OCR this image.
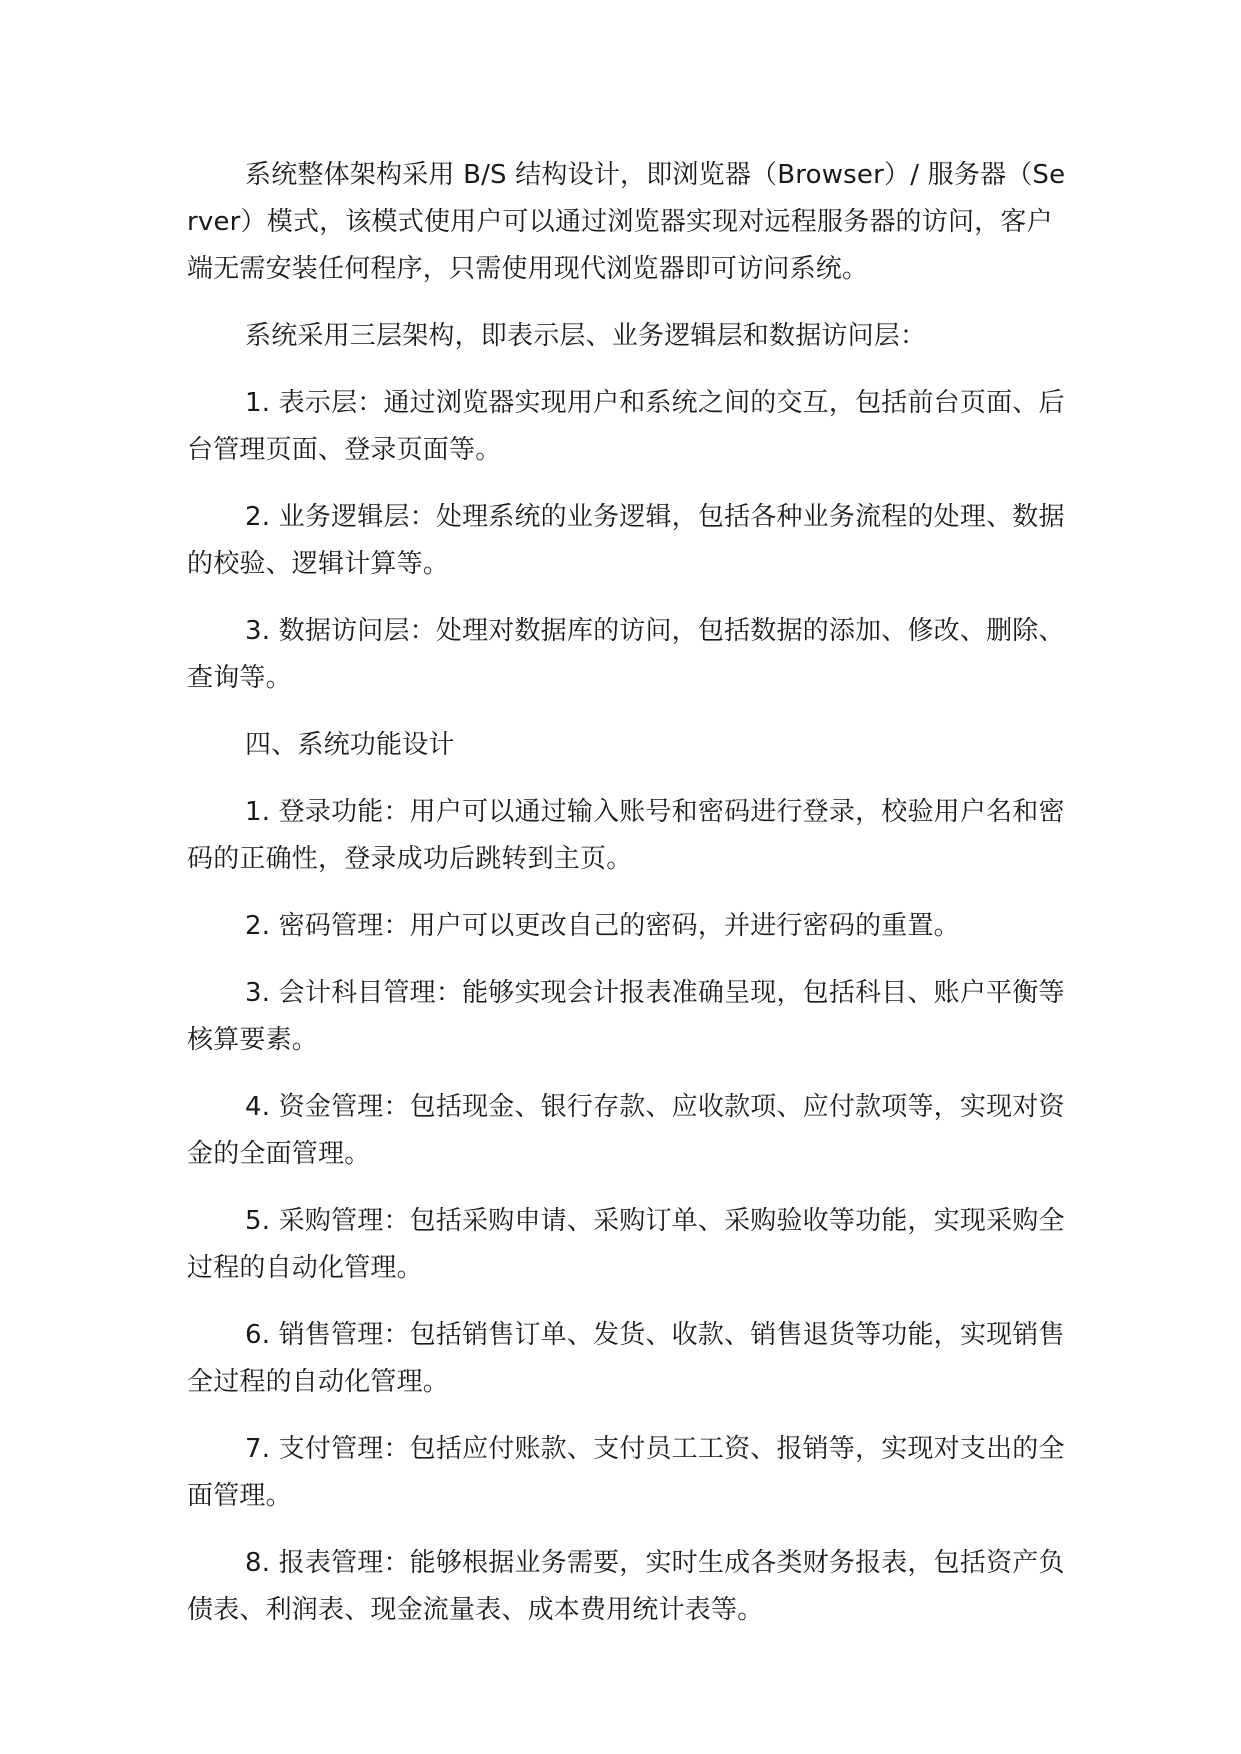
系统整体架构采用 B/S 结构设计，即浏览器（Browser）/ 服务器（Server）模式，该模式使用户可以通过浏览器实现对远程服务器的访问，客户端无需安装任何程序，只需使用现代浏览器即可访问系统。

系统采用三层架构，即表示层、业务逻辑层和数据访问层：

1. 表示层：通过浏览器实现用户和系统之间的交互，包括前台页面、后台管理页面、登录页面等。

2. 业务逻辑层：处理系统的业务逻辑，包括各种业务流程的处理、数据的校验、逻辑计算等。

3. 数据访问层：处理对数据库的访问，包括数据的添加、修改、删除、查询等。

四、系统功能设计

1. 登录功能：用户可以通过输入账号和密码进行登录，校验用户名和密码的正确性，登录成功后跳转到主页。

2. 密码管理：用户可以更改自己的密码，并进行密码的重置。

3. 会计科目管理：能够实现会计报表准确呈现，包括科目、账户平衡等核算要素。

4. 资金管理：包括现金、银行存款、应收款项、应付款项等，实现对资金的全面管理。

5. 采购管理：包括采购申请、采购订单、采购验收等功能，实现采购全过程的自动化管理。

6. 销售管理：包括销售订单、发货、收款、销售退货等功能，实现销售全过程的自动化管理。

7. 支付管理：包括应付账款、支付员工工资、报销等，实现对支出的全面管理。

8. 报表管理：能够根据业务需要，实时生成各类财务报表，包括资产负债表、利润表、现金流量表、成本费用统计表等。
